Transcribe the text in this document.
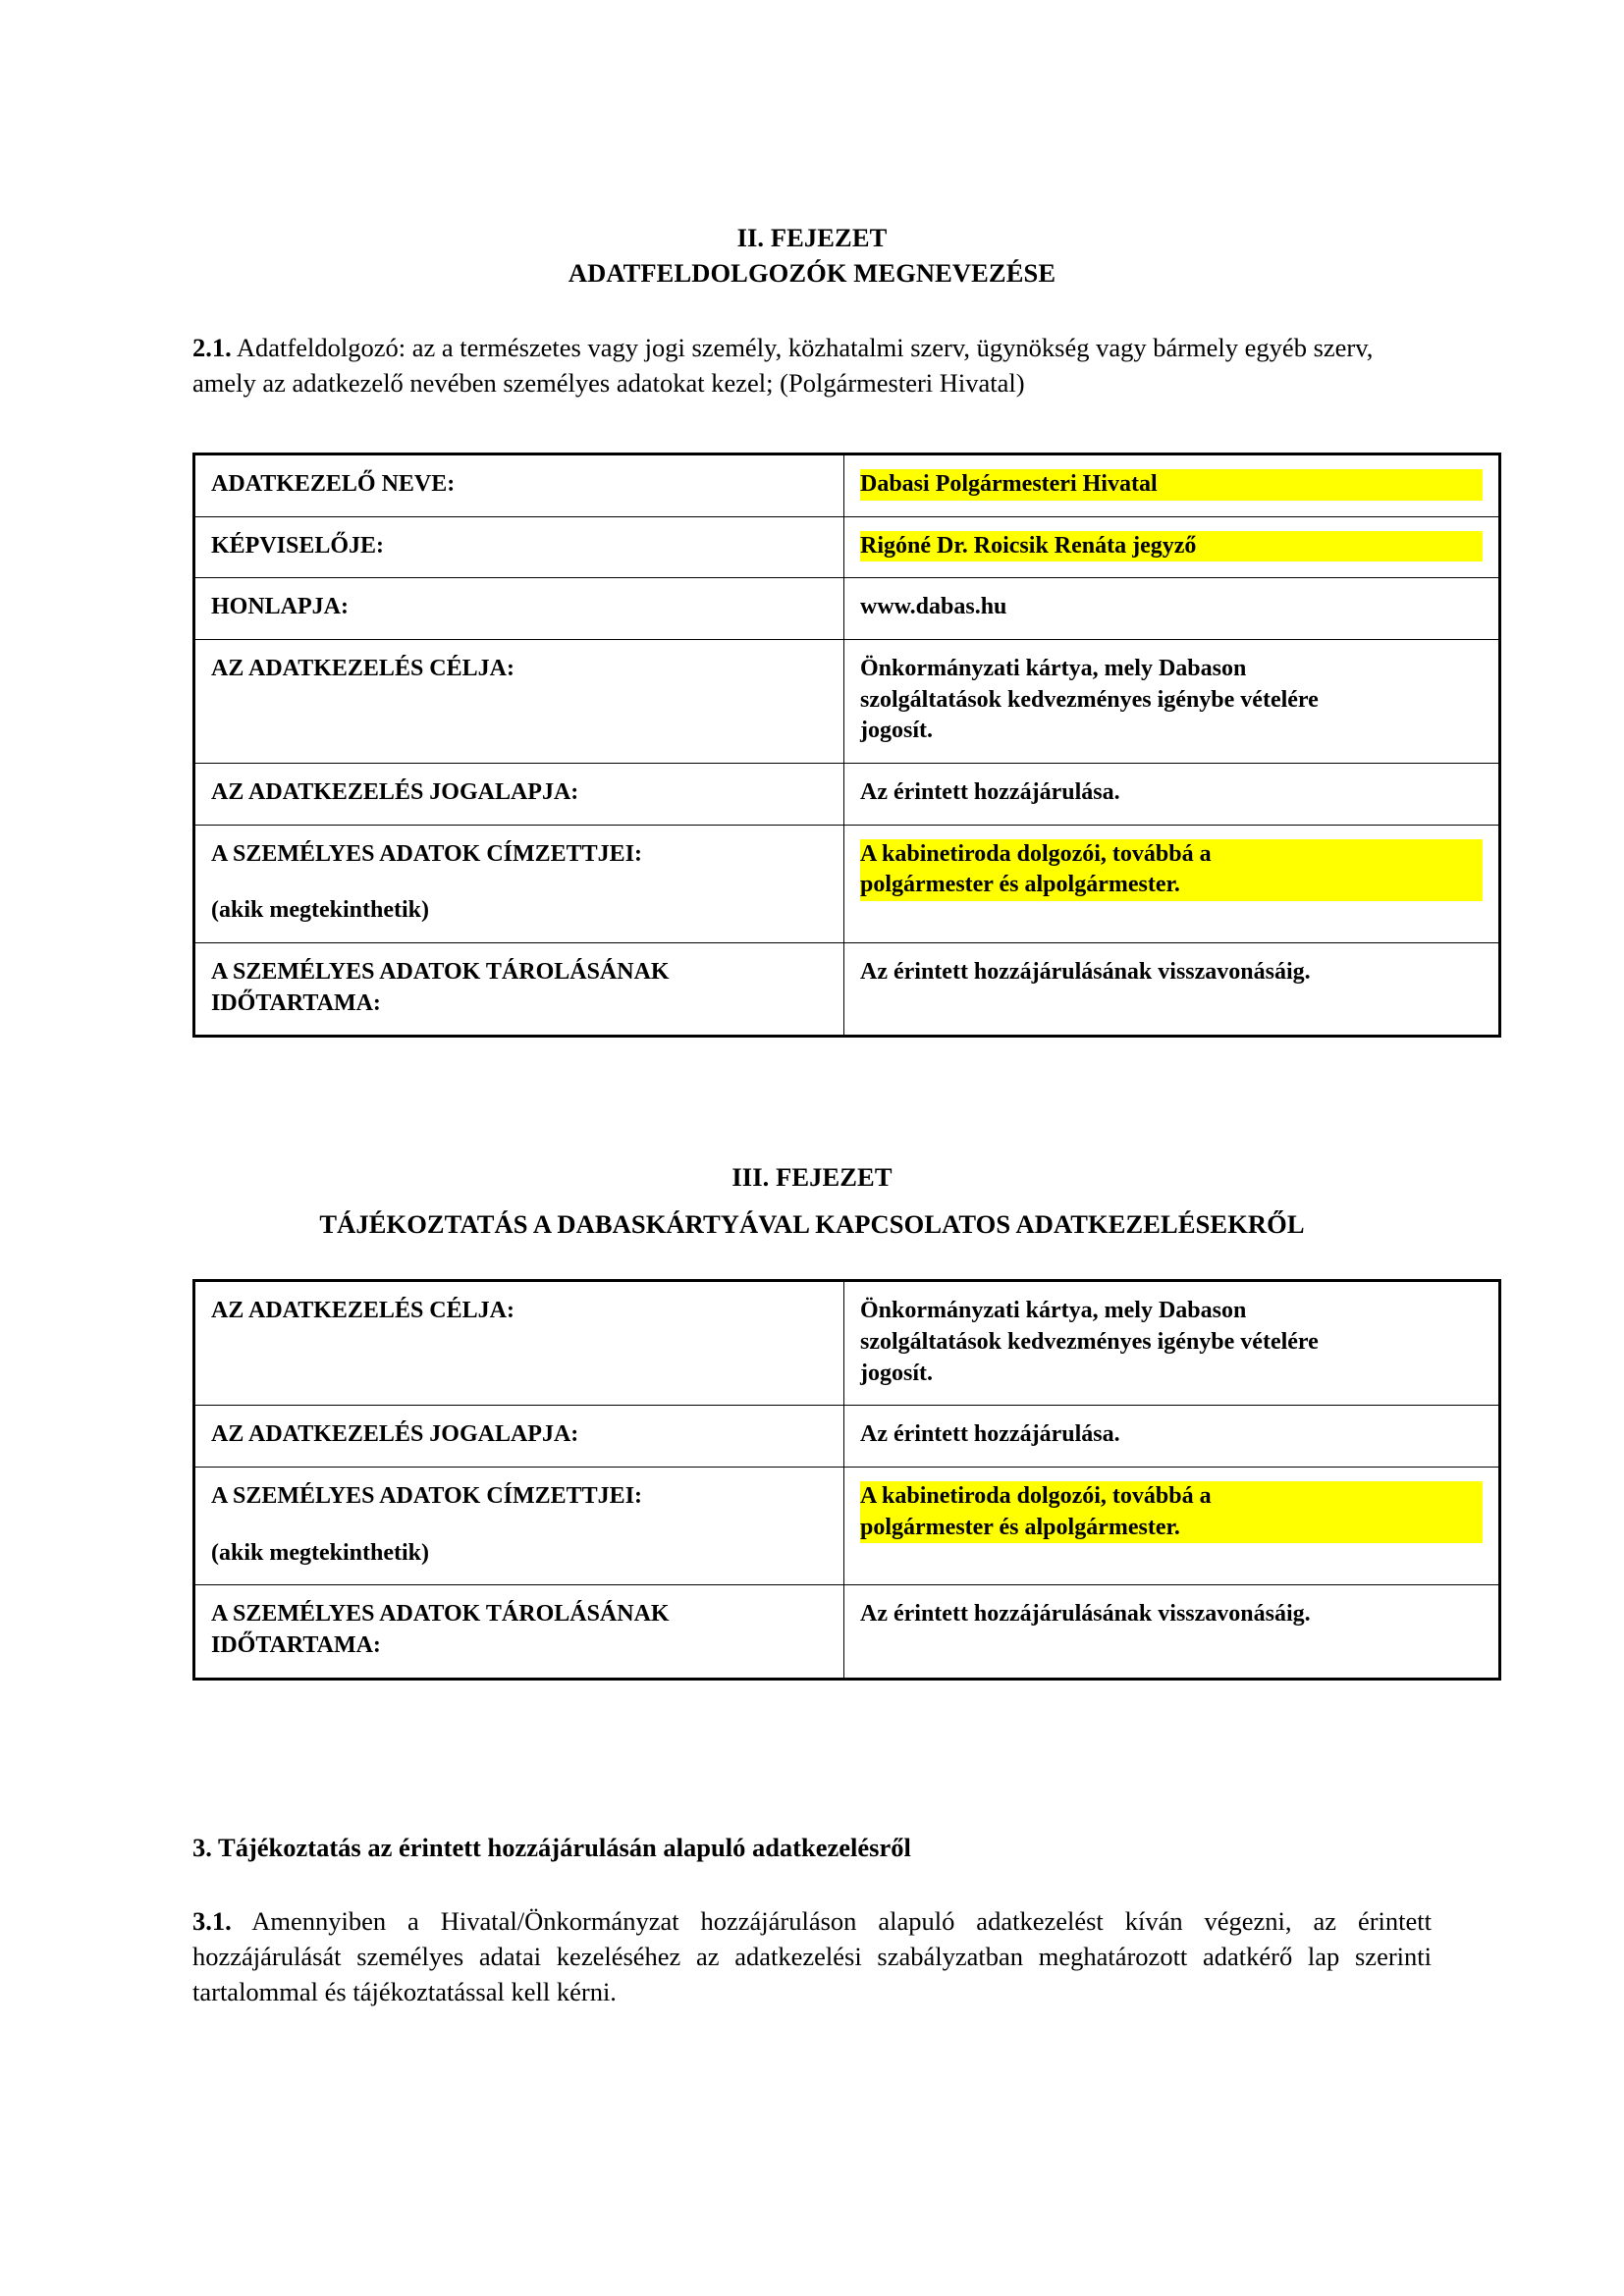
II. FEJEZET
ADATFELDOLGOZÓK MEGNEVEZÉSE

2.1. Adatfeldolgozó: az a természetes vagy jogi személy, közhatalmi szerv, ügynökség vagy bármely egyéb szerv, amely az adatkezelő nevében személyes adatokat kezel; (Polgármesteri Hivatal)

ADATKEZELŐ NEVE:	Dabasi Polgármesteri Hivatal

KÉPVISELŐJE:	Rigóné Dr. Roicsik Renáta jegyző

HONLAPJA:	www.dabas.hu

AZ ADATKEZELÉS CÉLJA:	Önkormányzati kártya, mely Dabason
szolgáltatások kedvezményes igénybe vételére
jogosít.

AZ ADATKEZELÉS JOGALAPJA:	Az érintett hozzájárulása.

A SZEMÉLYES ADATOK CÍMZETTJEI:
(akik megtekinthetik)	A kabinetiroda dolgozói, továbbá a
polgármester és alpolgármester.

A SZEMÉLYES ADATOK TÁROLÁSÁNAK IDŐTARTAMA:	Az érintett hozzájárulásának visszavonásáig.
III. FEJEZET
TÁJÉKOZTATÁS A DABASKÁRTYÁVAL KAPCSOLATOS ADATKEZELÉSEKRŐL
AZ ADATKEZELÉS CÉLJA:	Önkormányzati kártya, mely Dabason
szolgáltatások kedvezményes igénybe vételére
jogosít.

AZ ADATKEZELÉS JOGALAPJA:	Az érintett hozzájárulása.

A SZEMÉLYES ADATOK CÍMZETTJEI:
(akik megtekinthetik)	A kabinetiroda dolgozói, továbbá a
polgármester és alpolgármester.

A SZEMÉLYES ADATOK TÁROLÁSÁNAK IDŐTARTAMA:	Az érintett hozzájárulásának visszavonásáig.
3. Tájékoztatás az érintett hozzájárulásán alapuló adatkezelésről

3.1. Amennyiben a Hivatal/Önkormányzat hozzájáruláson alapuló adatkezelést kíván végezni, az érintett hozzájárulását személyes adatai kezeléséhez az adatkezelési szabályzatban meghatározott adatkérő lap szerinti tartalommal és tájékoztatással kell kérni.
